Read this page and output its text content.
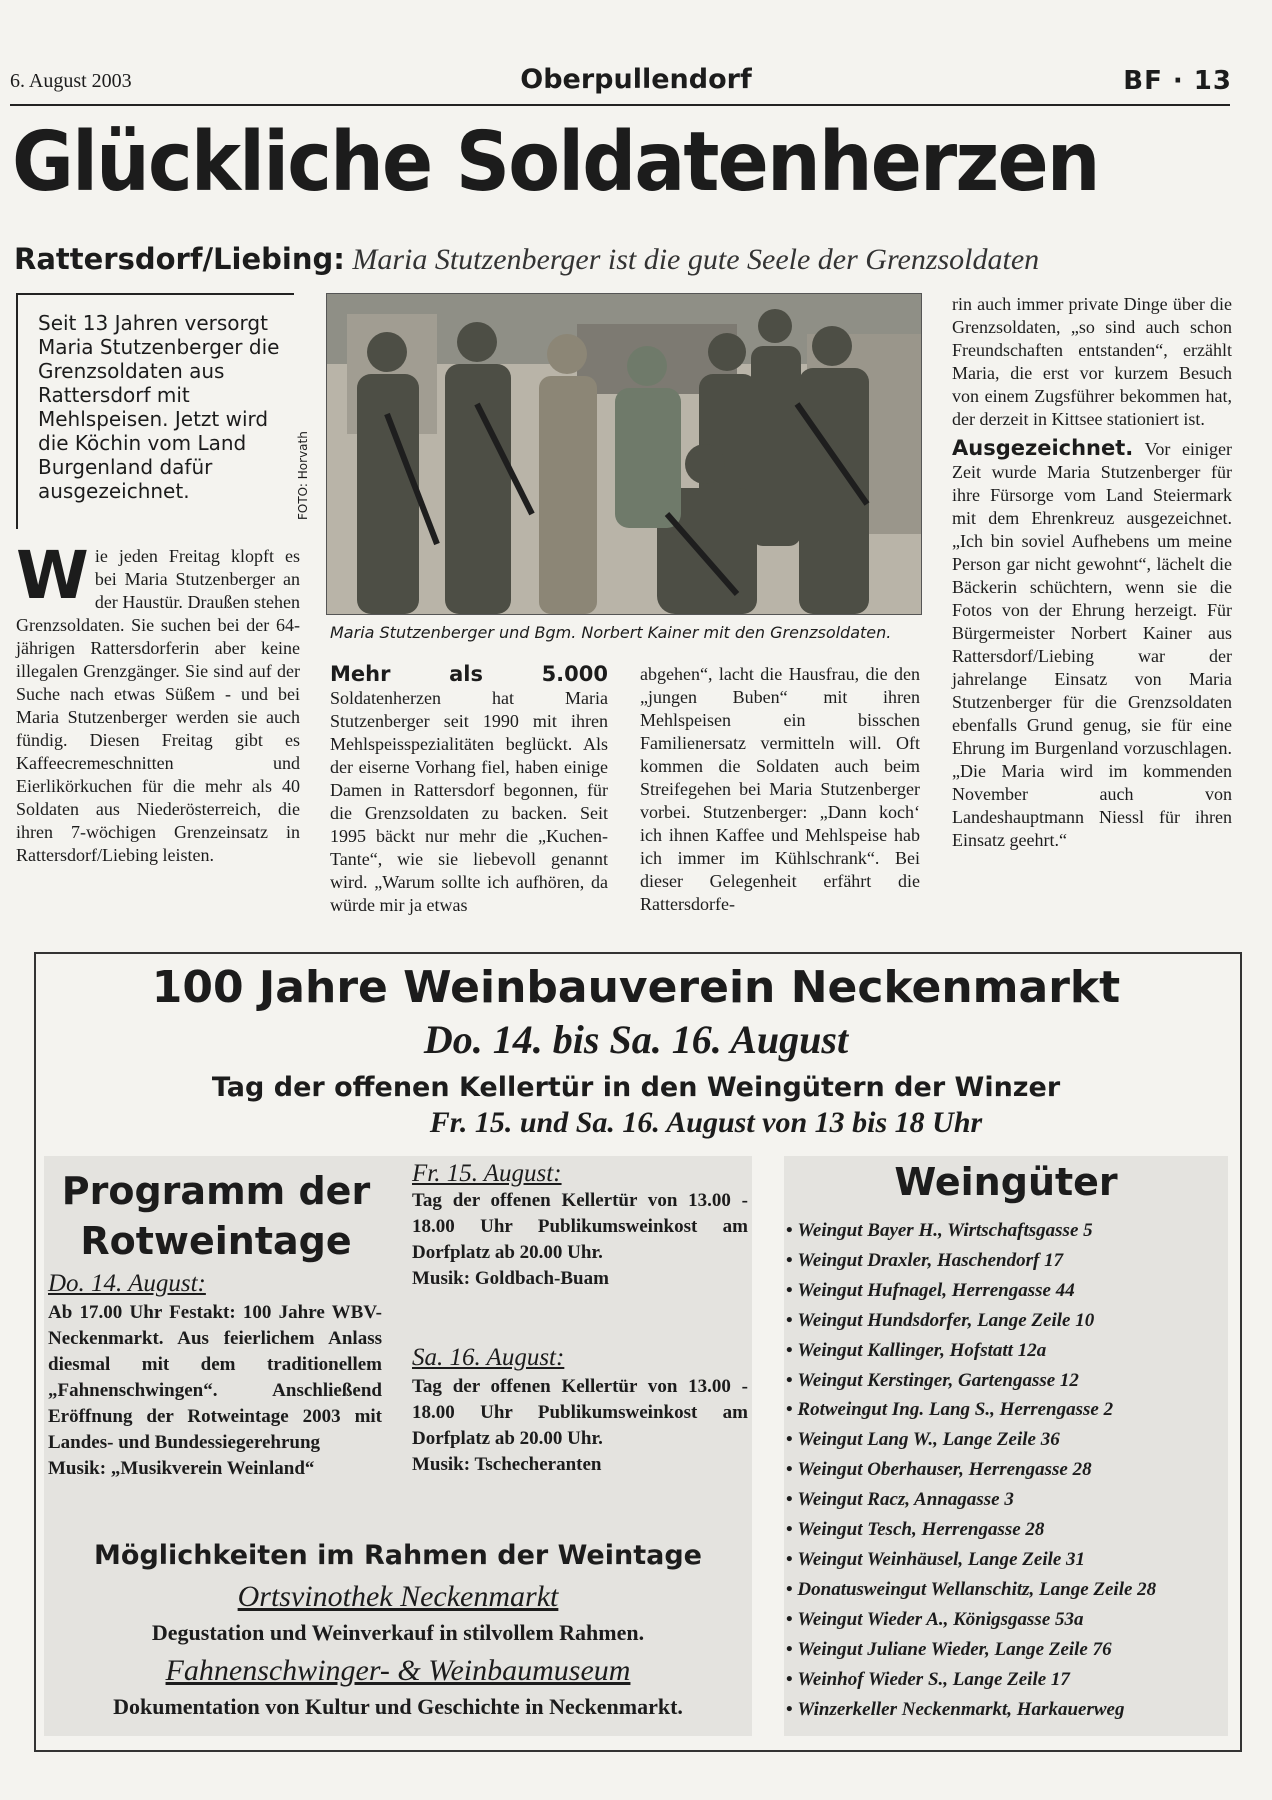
6. August 2003	Oberpullendorf	BF · 13
Glückliche Soldatenherzen
Rattersdorf/Liebing: Maria Stutzenberger ist die gute Seele der Grenzsoldaten

Seit 13 Jahren versorgt Maria Stutzenberger die Grenzsoldaten aus Rattersdorf mit Mehlspeisen. Jetzt wird die Köchin vom Land Burgenland dafür ausgezeichnet.	FOTO: Horvath
Maria Stutzenberger und Bgm. Norbert Kainer mit den Grenzsoldaten.
Wie jeden Freitag klopft es bei Maria Stutzenberger an der Haustür. Draußen stehen Grenzsoldaten. Sie suchen bei der 64-jährigen Rattersdorferin aber keine illegalen Grenzgänger. Sie sind auf der Suche nach etwas Süßem - und bei Maria Stutzenberger werden sie auch fündig. Diesen Freitag gibt es Kaffeecremeschnitten und Eierlikörkuchen für die mehr als 40 Soldaten aus Niederösterreich, die ihren 7-wöchigen Grenzeinsatz in Rattersdorf/Liebing leisten.
Mehr als 5.000 Soldatenherzen hat Maria Stutzenberger seit 1990 mit ihren Mehlspeisspezialitäten beglückt. Als der eiserne Vorhang fiel, haben einige Damen in Rattersdorf begonnen, für die Grenzsoldaten zu backen. Seit 1995 bäckt nur mehr die „Kuchen-Tante“, wie sie liebevoll genannt wird. „Warum sollte ich aufhören, da würde mir ja etwas
abgehen“, lacht die Hausfrau, die den „jungen Buben“ mit ihren Mehlspeisen ein bisschen Familienersatz vermitteln will. Oft kommen die Soldaten auch beim Streifegehen bei Maria Stutzenberger vorbei. Stutzenberger: „Dann koch‘ ich ihnen Kaffee und Mehlspeise hab ich immer im Kühlschrank“. Bei dieser Gelegenheit erfährt die Rattersdorfe-
rin auch immer private Dinge über die Grenzsoldaten, „so sind auch schon Freundschaften entstanden“, erzählt Maria, die erst vor kurzem Besuch von einem Zugsführer bekommen hat, der derzeit in Kittsee stationiert ist.
Ausgezeichnet. Vor einiger Zeit wurde Maria Stutzenberger für ihre Fürsorge vom Land Steiermark mit dem Ehrenkreuz ausgezeichnet. „Ich bin soviel Aufhebens um meine Person gar nicht gewohnt“, lächelt die Bäckerin schüchtern, wenn sie die Fotos von der Ehrung herzeigt. Für Bürgermeister Norbert Kainer aus Rattersdorf/Liebing war der jahrelange Einsatz von Maria Stutzenberger für die Grenzsoldaten ebenfalls Grund genug, sie für eine Ehrung im Burgenland vorzuschlagen. „Die Maria wird im kommenden November auch von Landeshauptmann Niessl für ihren Einsatz geehrt.“
100 Jahre Weinbauverein Neckenmarkt
Do. 14. bis Sa. 16. August
Tag der offenen Kellertür in den Weingütern der Winzer
Fr. 15. und Sa. 16. August von 13 bis 18 Uhr
Programm der Rotweintage
Do. 14. August:

Ab 17.00 Uhr Festakt: 100 Jahre WBV-Neckenmarkt. Aus feierlichem Anlass diesmal mit dem traditionellem „Fahnenschwingen“. Anschließend Eröffnung der Rotweintage 2003 mit Landes- und Bundessiegerehrung

Musik: „Musikverein Weinland“

Fr. 15. August:

Tag der offenen Kellertür von 13.00 - 18.00 Uhr Publikumsweinkost am Dorfplatz ab 20.00 Uhr.

Musik: Goldbach-Buam

Sa. 16. August:

Tag der offenen Kellertür von 13.00 - 18.00 Uhr Publikumsweinkost am Dorfplatz ab 20.00 Uhr.

Musik: Tschecheranten

Möglichkeiten im Rahmen der Weintage
Ortsvinothek Neckenmarkt
Degustation und Weinverkauf in stilvollem Rahmen.
Fahnenschwinger- & Weinbaumuseum
Dokumentation von Kultur und Geschichte in Neckenmarkt.
Weingüter
• Weingut Bayer H., Wirtschaftsgasse 5
• Weingut Draxler, Haschendorf 17
• Weingut Hufnagel, Herrengasse 44
• Weingut Hundsdorfer, Lange Zeile 10
• Weingut Kallinger, Hofstatt 12a
• Weingut Kerstinger, Gartengasse 12
• Rotweingut Ing. Lang S., Herrengasse 2
• Weingut Lang W., Lange Zeile 36
• Weingut Oberhauser, Herrengasse 28
• Weingut Racz, Annagasse 3
• Weingut Tesch, Herrengasse 28
• Weingut Weinhäusel, Lange Zeile 31
• Donatusweingut Wellanschitz, Lange Zeile 28
• Weingut Wieder A., Königsgasse 53a
• Weingut Juliane Wieder, Lange Zeile 76
• Weinhof Wieder S., Lange Zeile 17
• Winzerkeller Neckenmarkt, Harkauerweg
